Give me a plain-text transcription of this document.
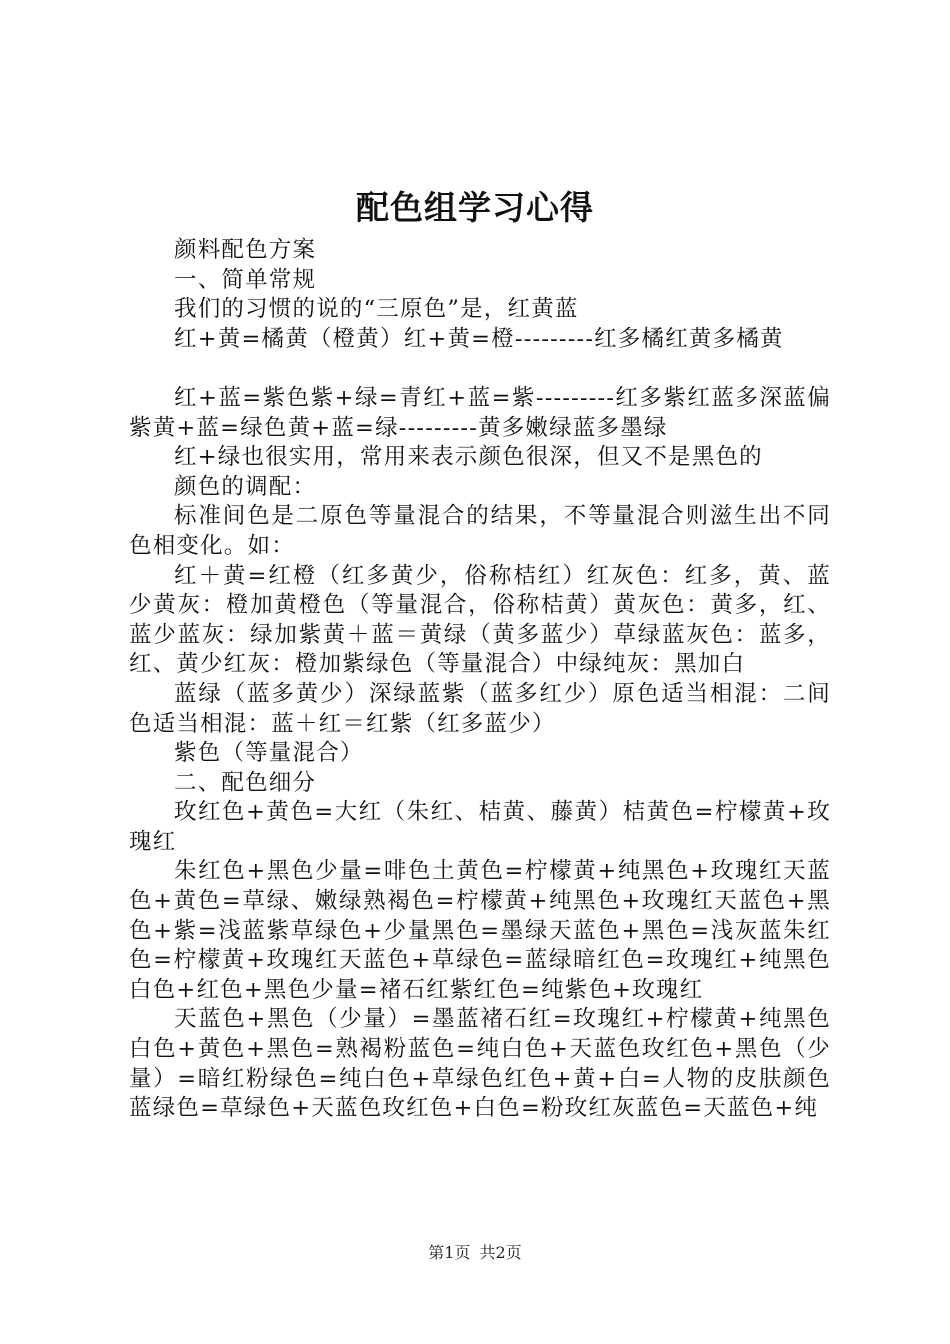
配色组学习心得

颜料配色方案

一、简单常规

我们的习惯的说的“三原色”是，红黄蓝

红+黄=橘黄（橙黄）红+黄=橙---------红多橘红黄多橘黄

红+蓝=紫色紫+绿=青红+蓝=紫---------红多紫红蓝多深蓝偏紫黄+蓝=绿色黄+蓝=绿---------黄多嫩绿蓝多墨绿

红+绿也很实用，常用来表示颜色很深，但又不是黑色的

颜色的调配：

标准间色是二原色等量混合的结果，不等量混合则滋生出不同色相变化。如：

红＋黄=红橙（红多黄少，俗称桔红）红灰色：红多，黄、蓝少黄灰：橙加黄橙色（等量混合，俗称桔黄）黄灰色：黄多，红、蓝少蓝灰：绿加紫黄＋蓝＝黄绿（黄多蓝少）草绿蓝灰色：蓝多，红、黄少红灰：橙加紫绿色（等量混合）中绿纯灰：黑加白

蓝绿（蓝多黄少）深绿蓝紫（蓝多红少）原色适当相混：二间色适当相混：蓝＋红＝红紫（红多蓝少）

紫色（等量混合）

二、配色细分

玫红色+黄色=大红（朱红、桔黄、藤黄）桔黄色=柠檬黄+玫瑰红

朱红色+黑色少量=啡色土黄色=柠檬黄+纯黑色+玫瑰红天蓝色+黄色=草绿、嫩绿熟褐色=柠檬黄+纯黑色+玫瑰红天蓝色+黑色+紫=浅蓝紫草绿色+少量黑色=墨绿天蓝色+黑色=浅灰蓝朱红色=柠檬黄+玫瑰红天蓝色+草绿色=蓝绿暗红色=玫瑰红+纯黑色白色+红色+黑色少量=褚石红紫红色=纯紫色+玫瑰红

天蓝色+黑色（少量）=墨蓝褚石红=玫瑰红+柠檬黄+纯黑色白色+黄色+黑色=熟褐粉蓝色=纯白色+天蓝色玫红色+黑色（少量）=暗红粉绿色=纯白色+草绿色红色+黄+白=人物的皮肤颜色蓝绿色=草绿色+天蓝色玫红色+白色=粉玫红灰蓝色=天蓝色+纯

第1页 共2页
